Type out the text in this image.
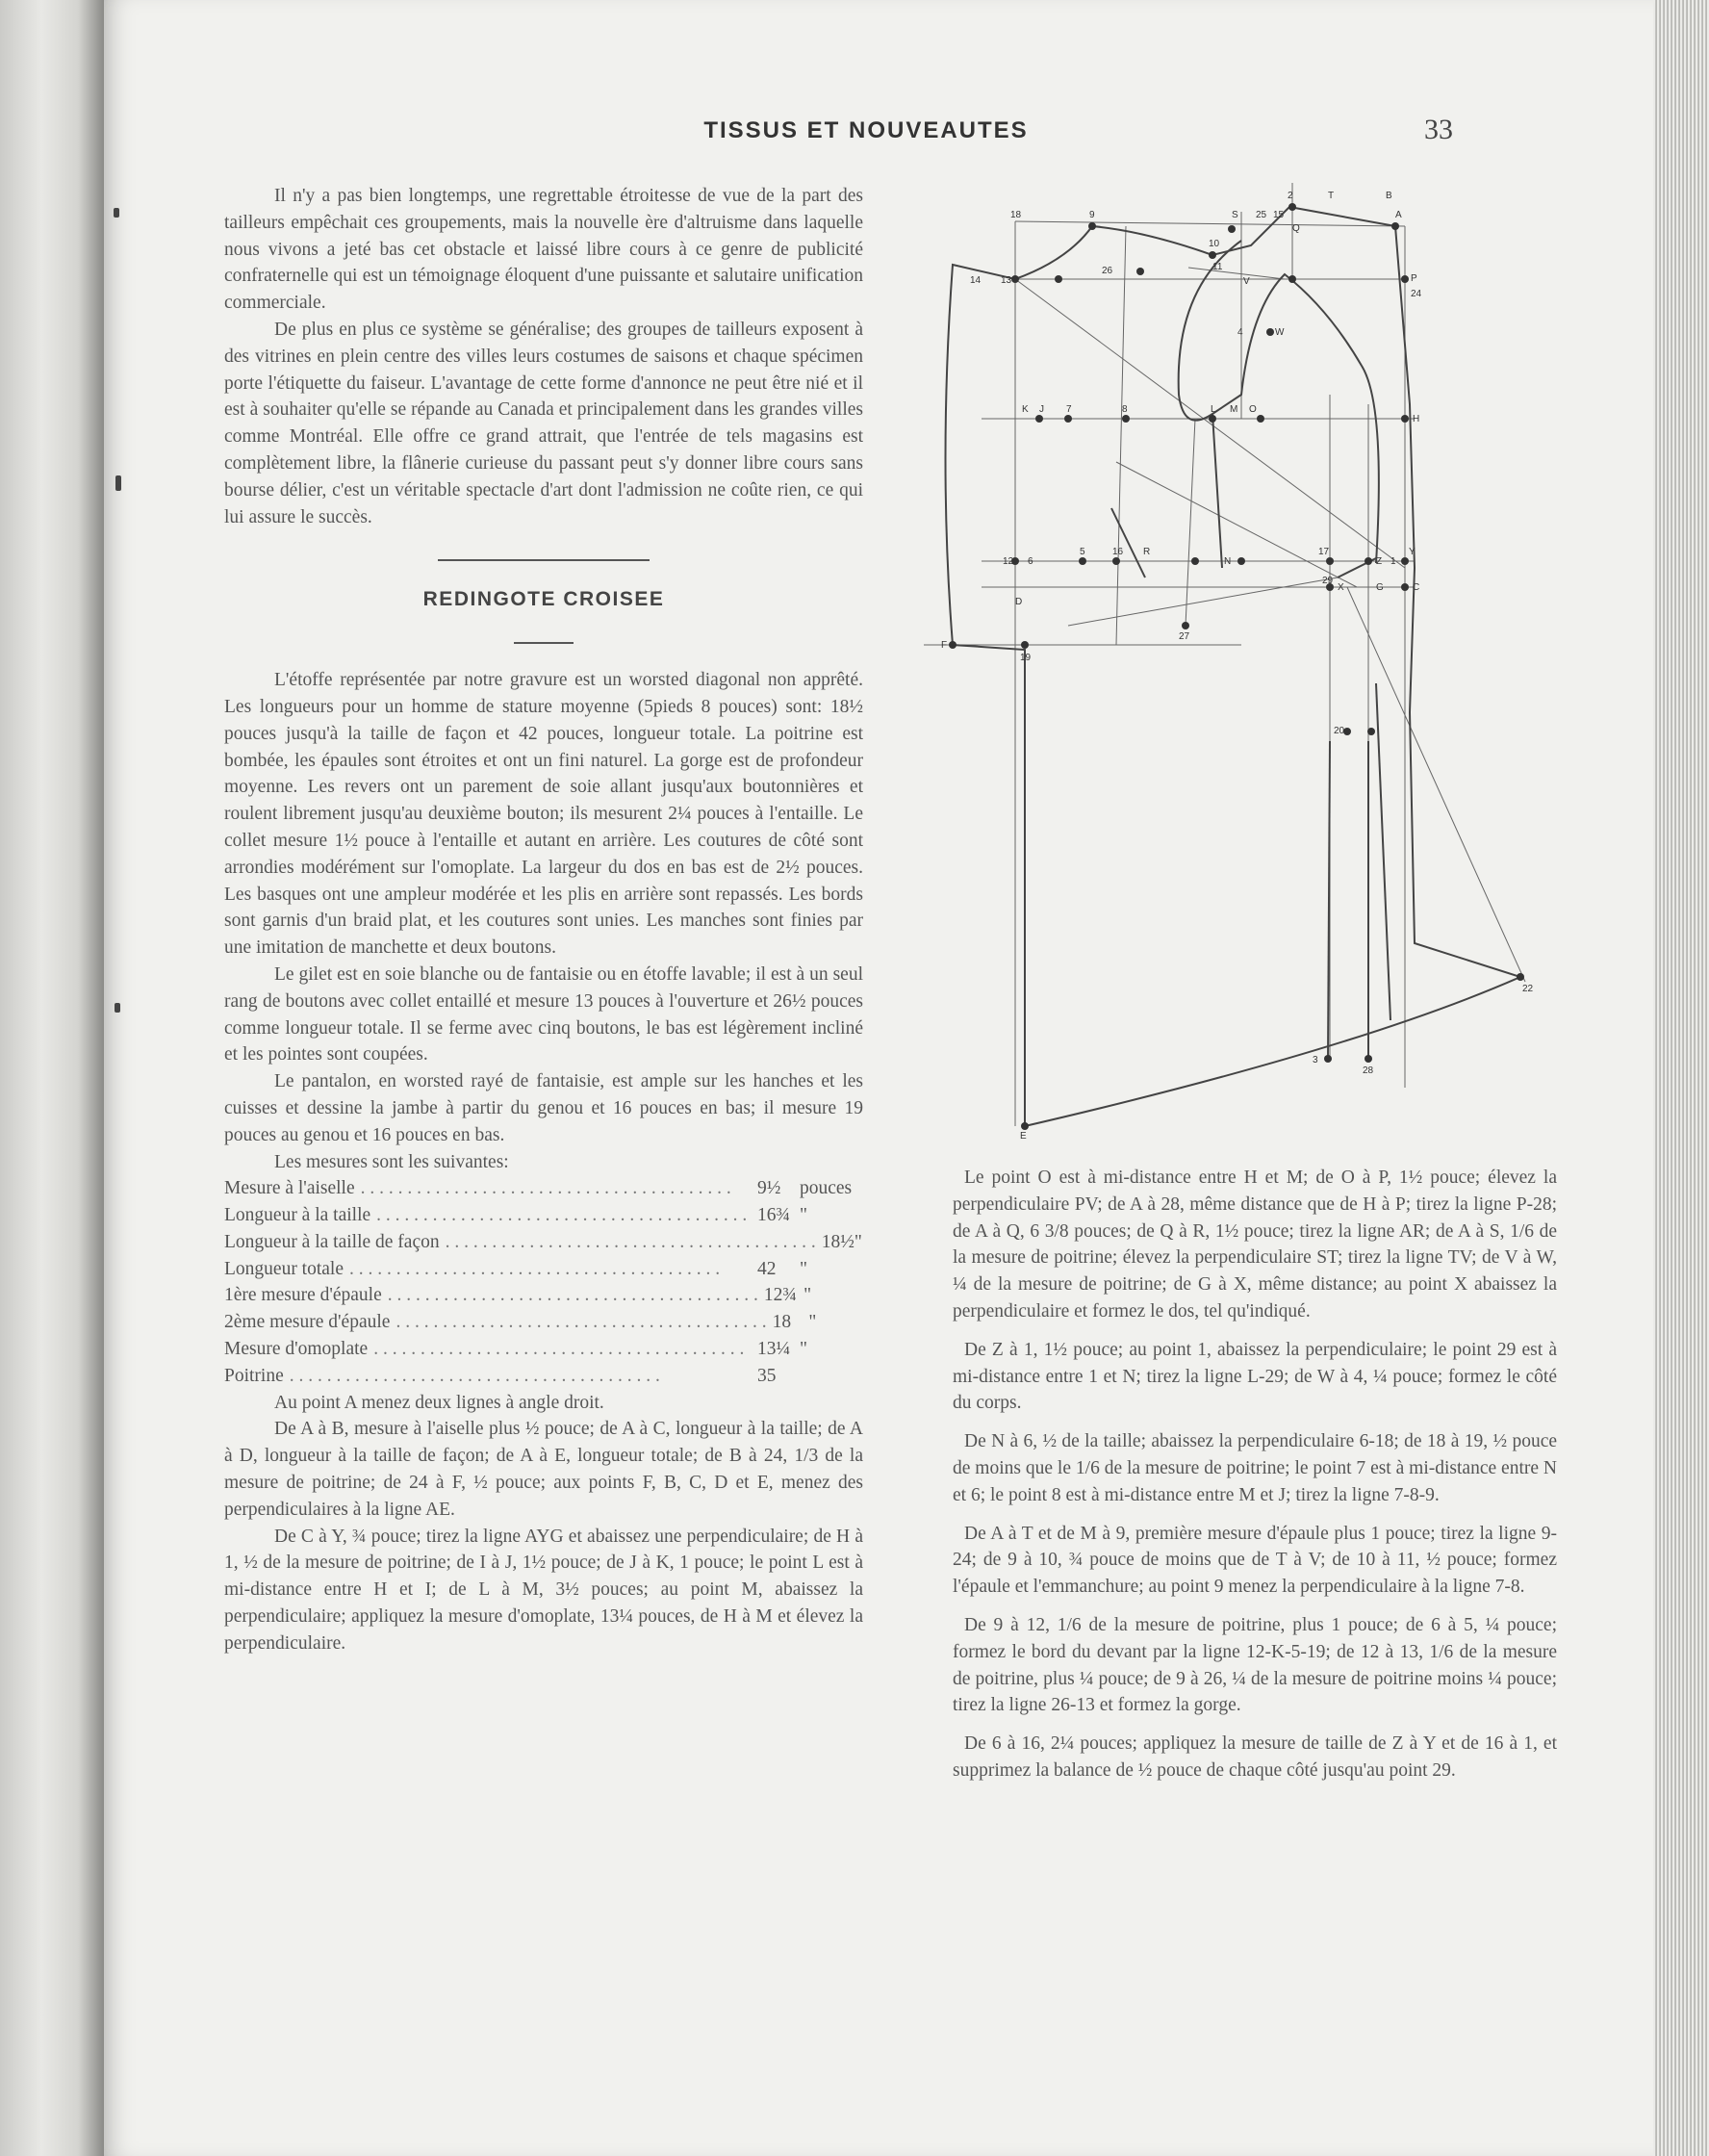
TISSUS ET NOUVEAUTES	33

Il n'y a pas bien longtemps, une regrettable étroitesse de vue de la part des tailleurs empêchait ces groupements, mais la nouvelle ère d'altruisme dans laquelle nous vivons a jeté bas cet obstacle et laissé libre cours à ce genre de publicité confraternelle qui est un témoignage éloquent d'une puissante et salutaire unification commerciale.

De plus en plus ce système se généralise; des groupes de tailleurs exposent à des vitrines en plein centre des villes leurs costumes de saisons et chaque spécimen porte l'étiquette du faiseur. L'avantage de cette forme d'annonce ne peut être nié et il est à souhaiter qu'elle se répande au Canada et principalement dans les grandes villes comme Montréal. Elle offre ce grand attrait, que l'entrée de tels magasins est complètement libre, la flânerie curieuse du passant peut s'y donner libre cours sans bourse délier, c'est un véritable spectacle d'art dont l'admission ne coûte rien, ce qui lui assure le succès.

REDINGOTE CROISEE

L'étoffe représentée par notre gravure est un worsted diagonal non apprêté. Les longueurs pour un homme de stature moyenne (5pieds 8 pouces) sont: 18½ pouces jusqu'à la taille de façon et 42 pouces, longueur totale. La poitrine est bombée, les épaules sont étroites et ont un fini naturel. La gorge est de profondeur moyenne. Les revers ont un parement de soie allant jusqu'aux boutonnières et roulent librement jusqu'au deuxième bouton; ils mesurent 2¼ pouces à l'entaille. Le collet mesure 1½ pouce à l'entaille et autant en arrière. Les coutures de côté sont arrondies modérément sur l'omoplate. La largeur du dos en bas est de 2½ pouces. Les basques ont une ampleur modérée et les plis en arrière sont repassés. Les bords sont garnis d'un braid plat, et les coutures sont unies. Les manches sont finies par une imitation de manchette et deux boutons.

Le gilet est en soie blanche ou de fantaisie ou en étoffe lavable; il est à un seul rang de boutons avec collet entaillé et mesure 13 pouces à l'ouverture et 26½ pouces comme longueur totale. Il se ferme avec cinq boutons, le bas est légèrement incliné et les pointes sont coupées.

Le pantalon, en worsted rayé de fantaisie, est ample sur les hanches et les cuisses et dessine la jambe à partir du genou et 16 pouces en bas; il mesure 19 pouces au genou et 16 pouces en bas.

Les mesures sont les suivantes:

Mesure à l'aiselle . . . . . . . . . . . . . . . . . . . . . . . . . . . . . . . . . . . . . . . .	9½	pouces
Longueur à la taille . . . . . . . . . . . . . . . . . . . . . . . . . . . . . . . . . . . . . . . . 16¾ "
Longueur à la taille de façon . . . . . . . . . . . . . . . . . . . . . . . . . . . . . . . . . . . . . . . . 18½ "
Longueur totale . . . . . . . . . . . . . . . . . . . . . . . . . . . . . . . . . . . . . . . .	42	"
1ère mesure d'épaule . . . . . . . . . . . . . . . . . . . . . . . . . . . . . . . . . . . . . . . . 12¾ "
2ème mesure d'épaule . . . . . . . . . . . . . . . . . . . . . . . . . . . . . . . . . . . . . . . . 18 "
Mesure d'omoplate . . . . . . . . . . . . . . . . . . . . . . . . . . . . . . . . . . . . . . . . 13¼ "
Poitrine . . . . . . . . . . . . . . . . . . . . . . . . . . . . . . . . . . . . . . . .	35

Au point A menez deux lignes à angle droit.

De A à B, mesure à l'aiselle plus ½ pouce; de A à C, longueur à la taille; de A à D, longueur à la taille de façon; de A à E, longueur totale; de B à 24, 1/3 de la mesure de poitrine; de 24 à F, ½ pouce; aux points F, B, C, D et E, menez des perpendiculaires à la ligne AE.

De C à Y, ¾ pouce; tirez la ligne AYG et abaissez une perpendiculaire; de H à 1, ½ de la mesure de poitrine; de I à J, 1½ pouce; de J à K, 1 pouce; le point L est à mi-distance entre H et I; de L à M, 3½ pouces; au point M, abaissez la perpendiculaire; appliquez la mesure d'omoplate, 13¼ pouces, de H à M et élevez la perpendiculaire.

18	9	25 15
T
A
14 13
26
10
11
V	P
24
4	W
H
8
7
J
K	L M O
R
12 6
5	16
N
17
1
Z
Y
C
X
19
27
29
D
G
E
20
22
S
Q
B
F
28
3
2

Le point O est à mi-distance entre H et M; de O à P, 1½ pouce; élevez la perpendiculaire PV; de A à 28, même distance que de H à P; tirez la ligne P-28; de A à Q, 6 3/8 pouces; de Q à R, 1½ pouce; tirez la ligne AR; de A à S, 1/6 de la mesure de poitrine; élevez la perpendiculaire ST; tirez la ligne TV; de V à W, ¼ de la mesure de poitrine; de G à X, même distance; au point X abaissez la perpendiculaire et formez le dos, tel qu'indiqué.

De Z à 1, 1½ pouce; au point 1, abaissez la perpendiculaire; le point 29 est à mi-distance entre 1 et N; tirez la ligne L-29; de W à 4, ¼ pouce; formez le côté du corps.

De N à 6, ½ de la taille; abaissez la perpendiculaire 6-18; de 18 à 19, ½ pouce de moins que le 1/6 de la mesure de poitrine; le point 7 est à mi-distance entre N et 6; le point 8 est à mi-distance entre M et J; tirez la ligne 7-8-9.

De A à T et de M à 9, première mesure d'épaule plus 1 pouce; tirez la ligne 9-24; de 9 à 10, ¾ pouce de moins que de T à V; de 10 à 11, ½ pouce; formez l'épaule et l'emmanchure; au point 9 menez la perpendiculaire à la ligne 7-8.

De 9 à 12, 1/6 de la mesure de poitrine, plus 1 pouce; de 6 à 5, ¼ pouce; formez le bord du devant par la ligne 12-K-5-19; de 12 à 13, 1/6 de la mesure de poitrine, plus ¼ pouce; de 9 à 26, ¼ de la mesure de poitrine moins ¼ pouce; tirez la ligne 26-13 et formez la gorge.

De 6 à 16, 2¼ pouces; appliquez la mesure de taille de Z à Y et de 16 à 1, et supprimez la balance de ½ pouce de chaque côté jusqu'au point 29.
